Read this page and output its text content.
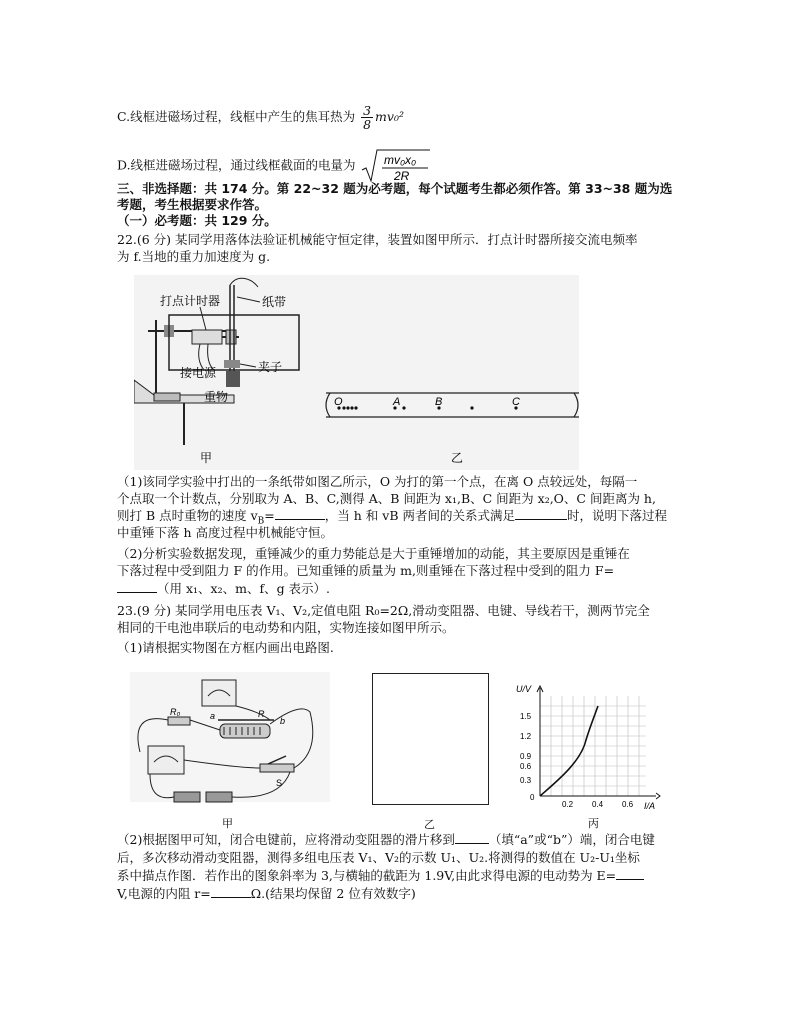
C.线框进磁场过程，线框中产生的焦耳热为 $\frac{3}{8} mv_0^2$
D.线框进磁场过程，通过线框截面的电量为 mv₀x₀
2R
三、非选择题：共 174 分。第 22~32 题为必考题，每个试题考生都必须作答。第 33~38 题为选
考题，考生根据要求作答。
（一）必考题：共 129 分。
22.(6 分) 某同学用落体法验证机械能守恒定律，装置如图甲所示．打点计时器所接交流电频率
为 f.当地的重力加速度为 g.
打点计时器	纸带
接电源	夹子
重物	O	A	B	C
甲	乙
（1)该同学实验中打出的一条纸带如图乙所示，O 为打的第一个点，在离 O 点较远处，每隔一
个点取一个计数点，分别取为 A、B、C,测得 A、B 间距为 x₁,B、C 间距为 x₂,O、C 间距离为 h,
则打 B 点时重物的速度 $v_B=$	，当 h 和 vB 两者间的关系式满足	时，说明下落过程
中重锤下落 h 高度过程中机械能守恒。
（2)分析实验数据发现，重锤减少的重力势能总是大于重锤增加的动能，其主要原因是重锤在
下落过程中受到阻力 F 的作用。已知重锤的质量为 m,则重锤在下落过程中受到的阻力 F=
（用 x₁、x₂、m、f、g 表示）.
23.(9 分) 某同学用电压表 V₁、V₂,定值电阻 R₀=2Ω,滑动变阻器、电键、导线若干，测两节完全
相同的干电池串联后的电动势和内阻，实物连接如图甲所示。
（1)请根据实物图在方框内画出电路图.
R₀	a	R
b
S
甲	乙
U/V
I/A
1.5
1.2
0.9
0.6
0.3
0
0.2 0.4 0.6
丙
（2)根据图甲可知，闭合电键前，应将滑动变阻器的滑片移到	（填“a”或“b”）端，闭合电键
后，多次移动滑动变阻器，测得多组电压表 V₁、V₂的示数 U₁、U₂.将测得的数值在 U₂-U₁坐标
系中描点作图．若作出的图象斜率为 3,与横轴的截距为 1.9V,由此求得电源的电动势为 E=
V,电源的内阻 r=	Ω.(结果均保留 2 位有效数字)
